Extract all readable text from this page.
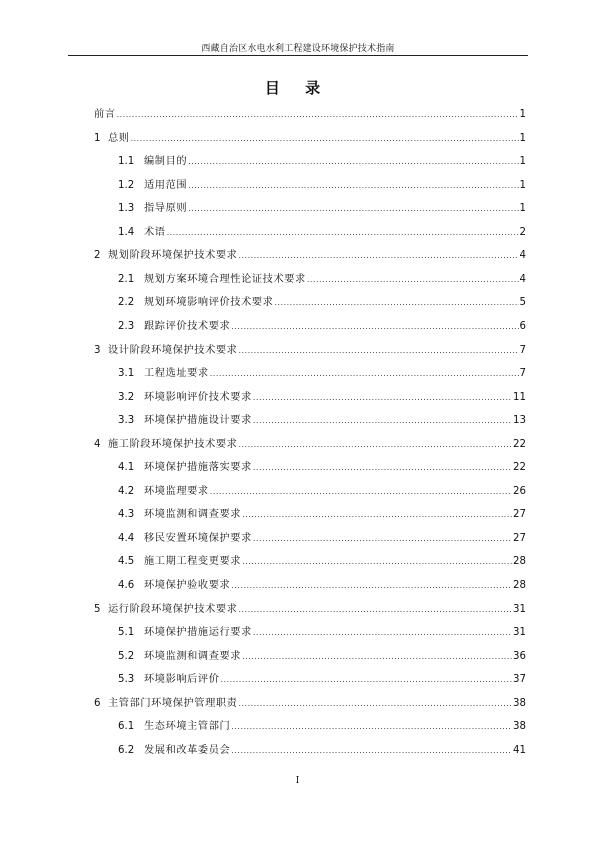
西藏自治区水电水利工程建设环境保护技术指南
目 录
前言 .....	1
1 总则 .....	1
1.1 编制目的 .....	1
1.2 适用范围 .....	1
1.3 指导原则 .....	1
1.4 术语 .....	2
2 规划阶段环境保护技术要求 .....	4
2.1 规划方案环境合理性论证技术要求 .....	4
2.2 规划环境影响评价技术要求 .....	5
2.3 跟踪评价技术要求 .....	6
3 设计阶段环境保护技术要求 .....	7
3.1 工程选址要求 .....	7
3.2 环境影响评价技术要求 .....	11
3.3 环境保护措施设计要求 .....	13
4 施工阶段环境保护技术要求 .....	22
4.1 环境保护措施落实要求 .....	22
4.2 环境监理要求 .....	26
4.3 环境监测和调查要求 .....	27
4.4 移民安置环境保护要求 .....	27
4.5 施工期工程变更要求 .....	28
4.6 环境保护验收要求 .....	28
5 运行阶段环境保护技术要求 .....	31
5.1 环境保护措施运行要求 .....	31
5.2 环境监测和调查要求 .....	36
5.3 环境影响后评价 .....	37
6 主管部门环境保护管理职责 .....	38
6.1 生态环境主管部门 .....	38
6.2 发展和改革委员会 .....	41
I
